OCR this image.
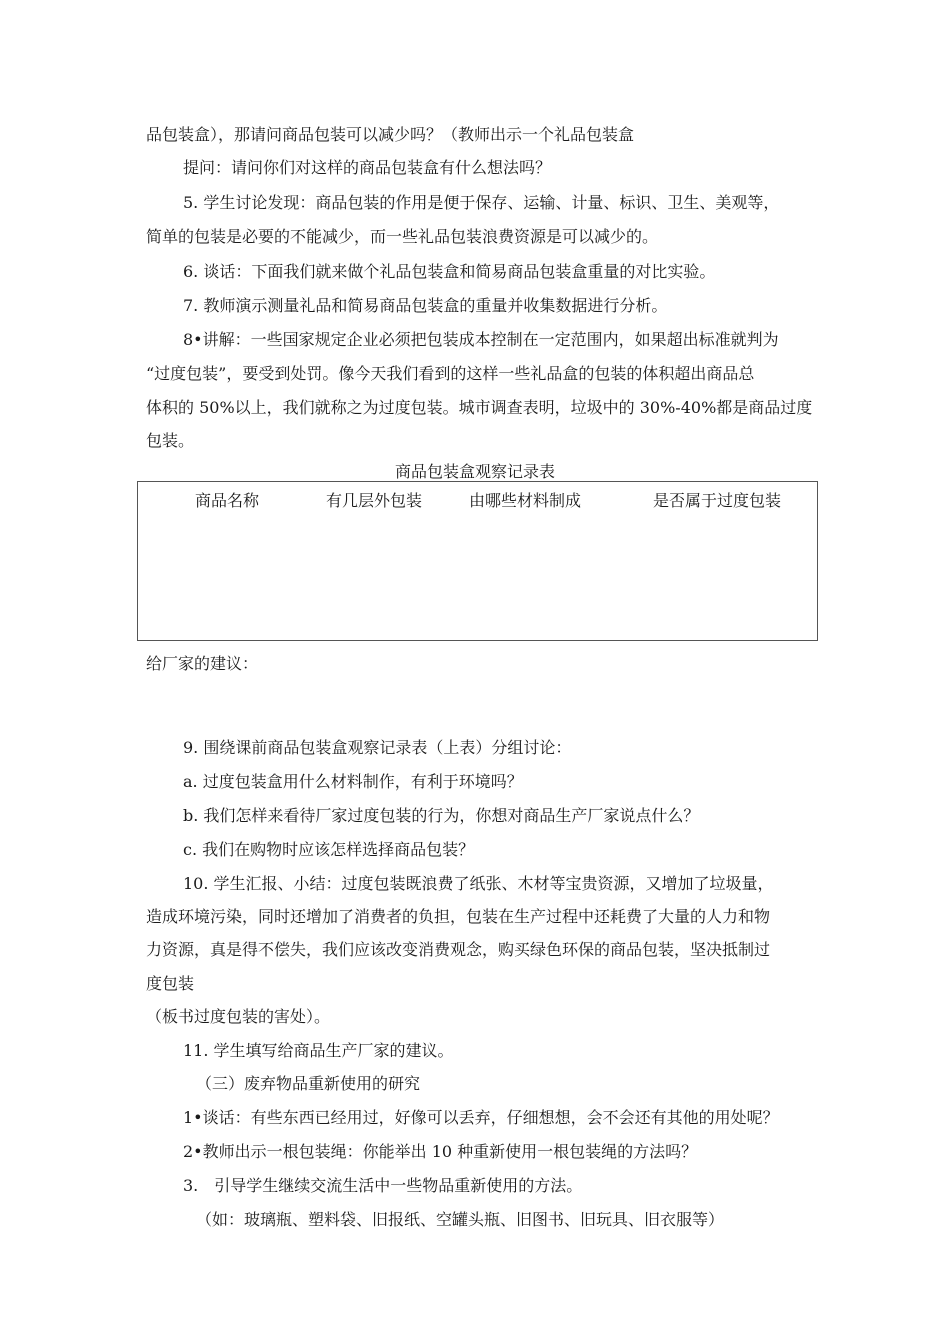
品包装盒），那请问商品包装可以减少吗？（教师出示一个礼品包装盒
提问：请问你们对这样的商品包装盒有什么想法吗？
5. 学生讨论发现：商品包装的作用是便于保存、运输、计量、标识、卫生、美观等，
简单的包装是必要的不能减少，而一些礼品包装浪费资源是可以减少的。
6. 谈话：下面我们就来做个礼品包装盒和简易商品包装盒重量的对比实验。
7. 教师演示测量礼品和简易商品包装盒的重量并收集数据进行分析。
8•讲解：一些国家规定企业必须把包装成本控制在一定范围内，如果超出标准就判为
“过度包装”，要受到处罚。像今天我们看到的这样一些礼品盒的包装的体积超出商品总
体积的 50%以上，我们就称之为过度包装。城市调查表明，垃圾中的 30%-40%都是商品过度
包装。
商品包装盒观察记录表
商品名称	有几层外包装	由哪些材料制成	是否属于过度包装
给厂家的建议：
9. 围绕课前商品包装盒观察记录表（上表）分组讨论：
a. 过度包装盒用什么材料制作，有利于环境吗？
b. 我们怎样来看待厂家过度包装的行为，你想对商品生产厂家说点什么？
c. 我们在购物时应该怎样选择商品包装？
10. 学生汇报、小结：过度包装既浪费了纸张、木材等宝贵资源，又增加了垃圾量，
造成环境污染，同时还增加了消费者的负担，包装在生产过程中还耗费了大量的人力和物
力资源，真是得不偿失，我们应该改变消费观念，购买绿色环保的商品包装，坚决抵制过
度包装
（板书过度包装的害处）。
11. 学生填写给商品生产厂家的建议。
（三）废弃物品重新使用的研究
1•谈话：有些东西已经用过，好像可以丢弃，仔细想想，会不会还有其他的用处呢？
2•教师出示一根包装绳：你能举出 10 种重新使用一根包装绳的方法吗？
3.　引导学生继续交流生活中一些物品重新使用的方法。
（如：玻璃瓶、塑料袋、旧报纸、空罐头瓶、旧图书、旧玩具、旧衣服等）
